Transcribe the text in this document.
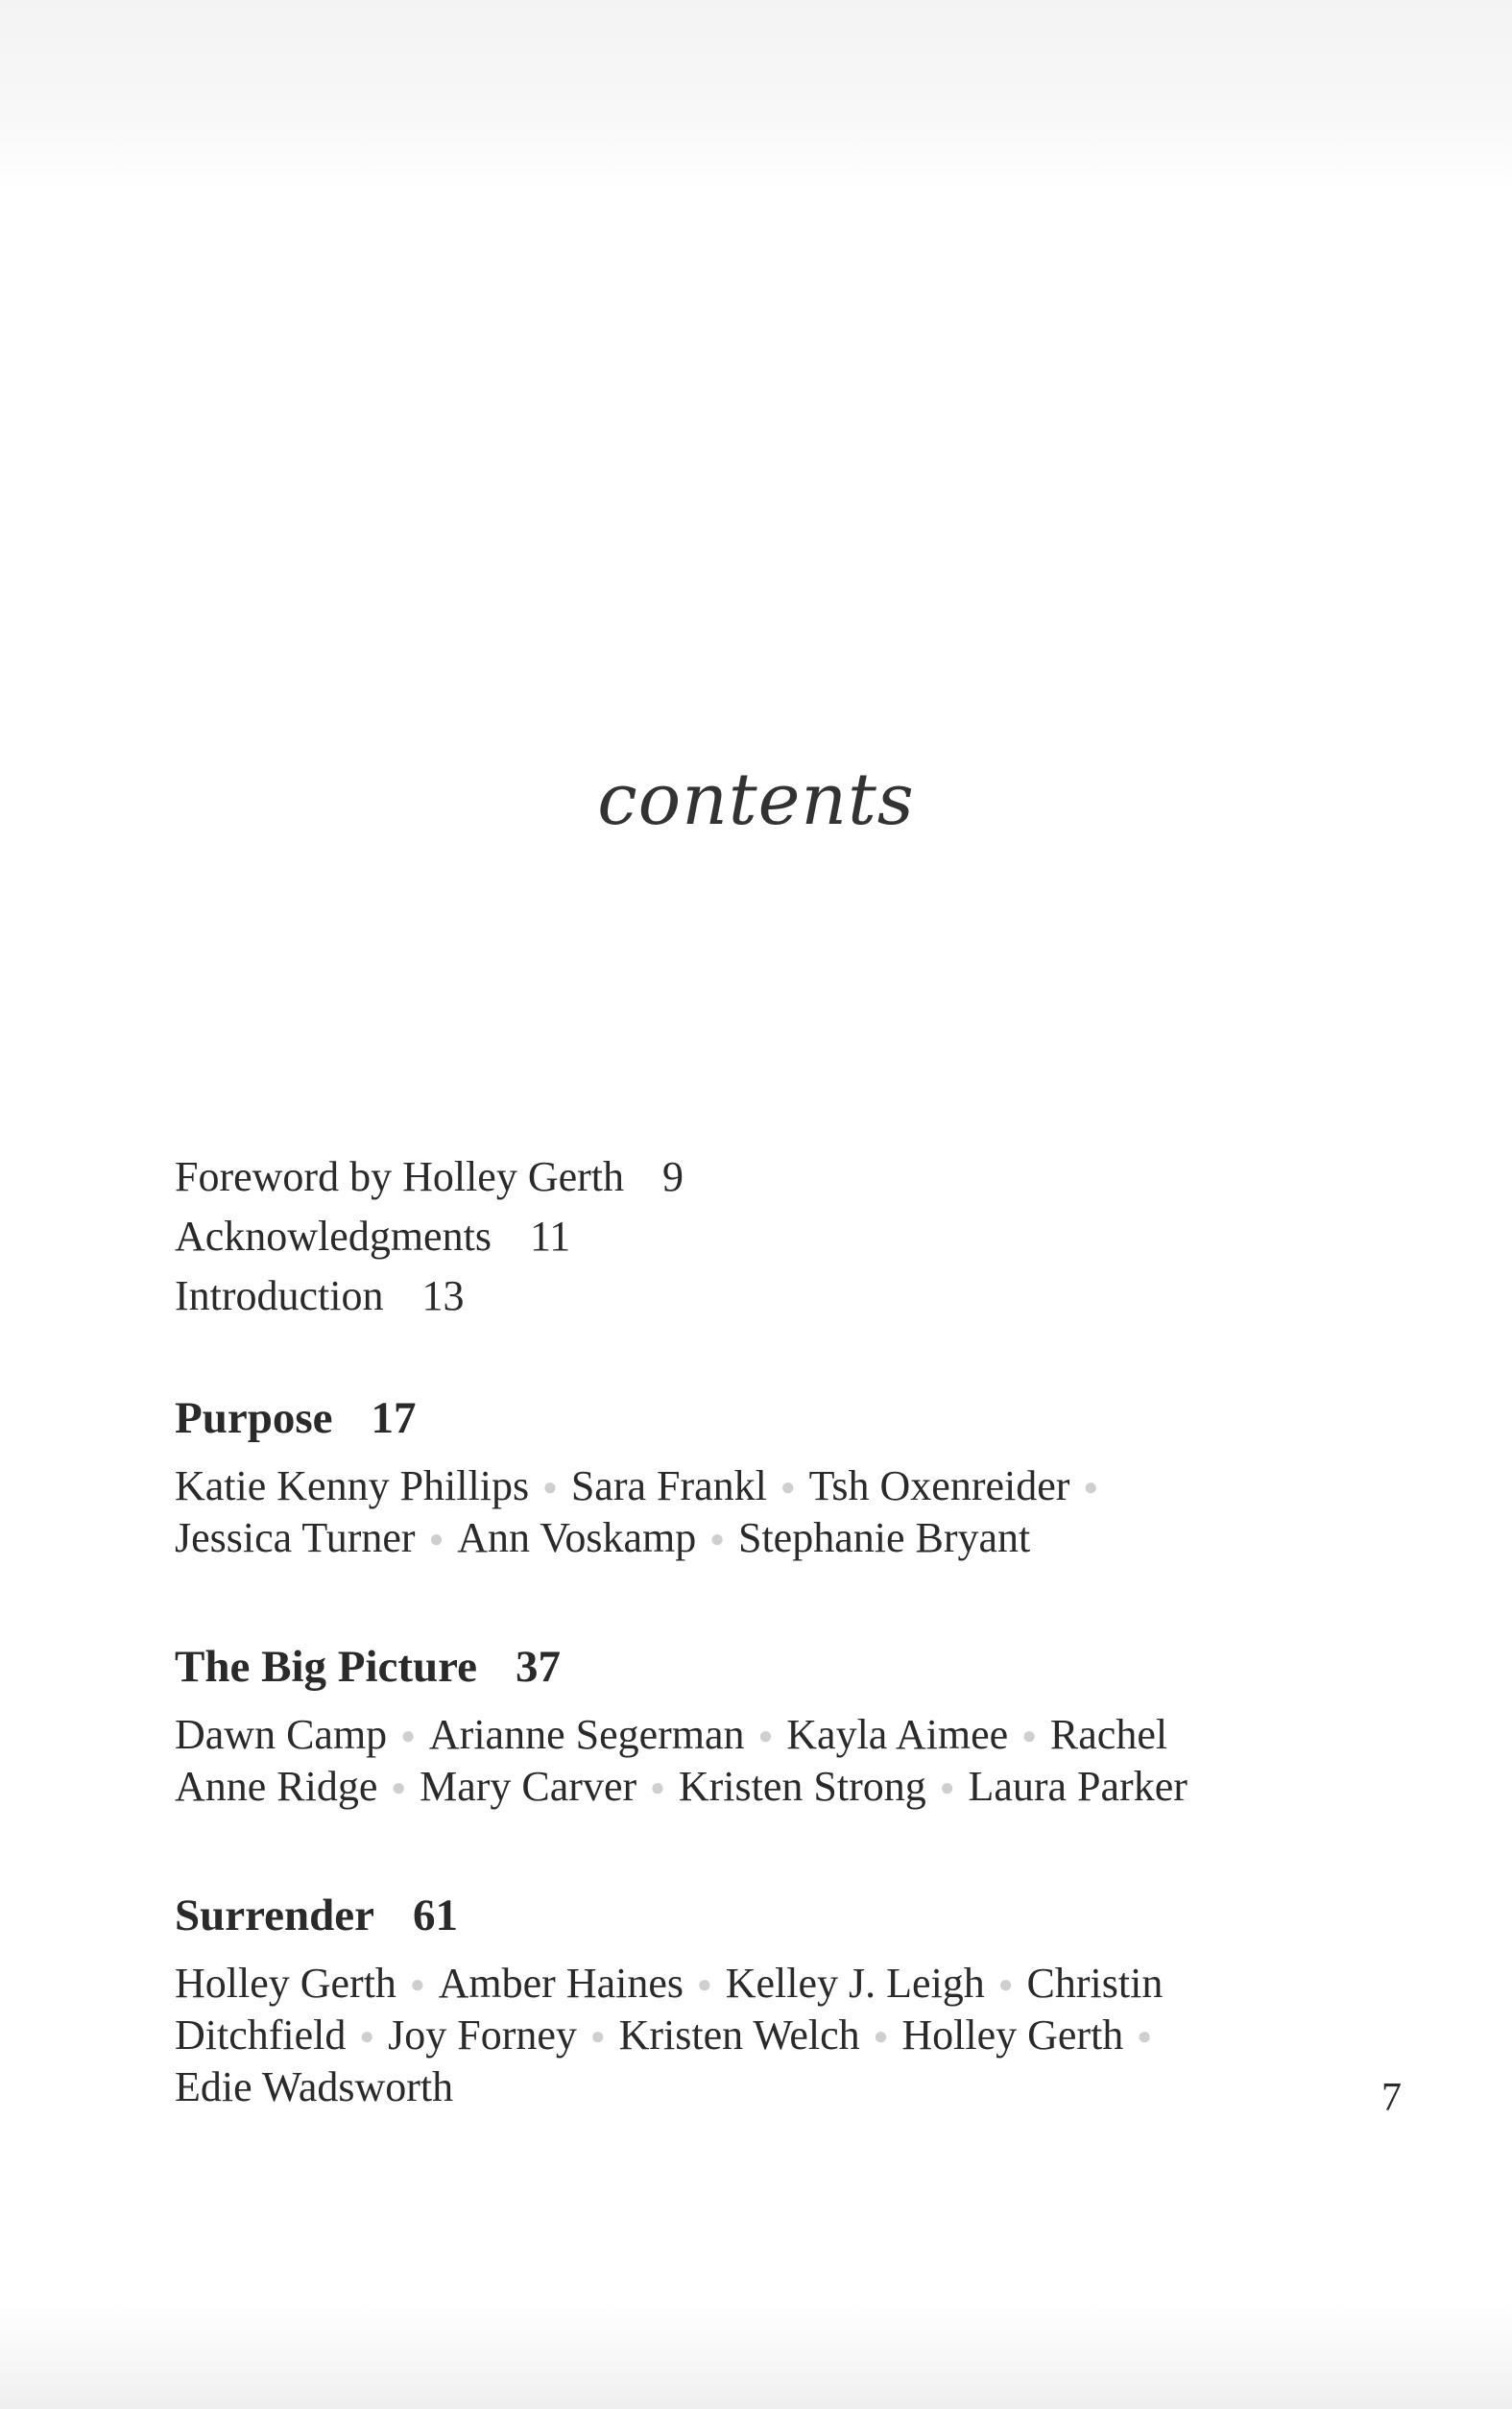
contents
Foreword by Holley Gerth 9
Acknowledgments 11
Introduction 13
Purpose 17
Katie Kenny Phillips ● Sara Frankl ● Tsh Oxenreider ●
Jessica Turner ● Ann Voskamp ● Stephanie Bryant
The Big Picture 37
Dawn Camp ● Arianne Segerman ● Kayla Aimee ● Rachel
Anne Ridge ● Mary Carver ● Kristen Strong ● Laura Parker
Surrender 61
Holley Gerth ● Amber Haines ● Kelley J. Leigh ● Christin
Ditchfield ● Joy Forney ● Kristen Welch ● Holley Gerth ●
Edie Wadsworth	7
